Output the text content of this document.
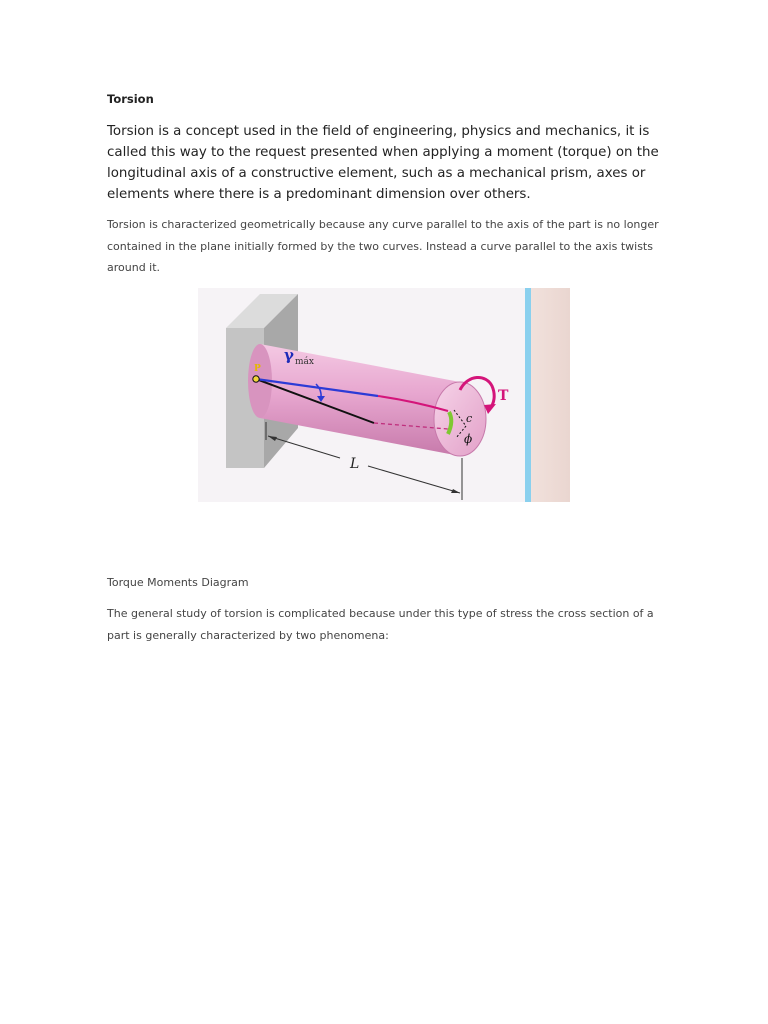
Torsion

Torsion is a concept used in the field of engineering, physics and mechanics, it is called this way to the request presented when applying a moment (torque) on the longitudinal axis of a constructive element, such as a mechanical prism, axes or elements where there is a predominant dimension over others.

Torsion is characterized geometrically because any curve parallel to the axis of the part is no longer contained in the plane initially formed by the two curves. Instead a curve parallel to the axis twists around it.

P
γ máx
c
ϕ
T
L

Torque Moments Diagram

The general study of torsion is complicated because under this type of stress the cross section of a part is generally characterized by two phenomena:
